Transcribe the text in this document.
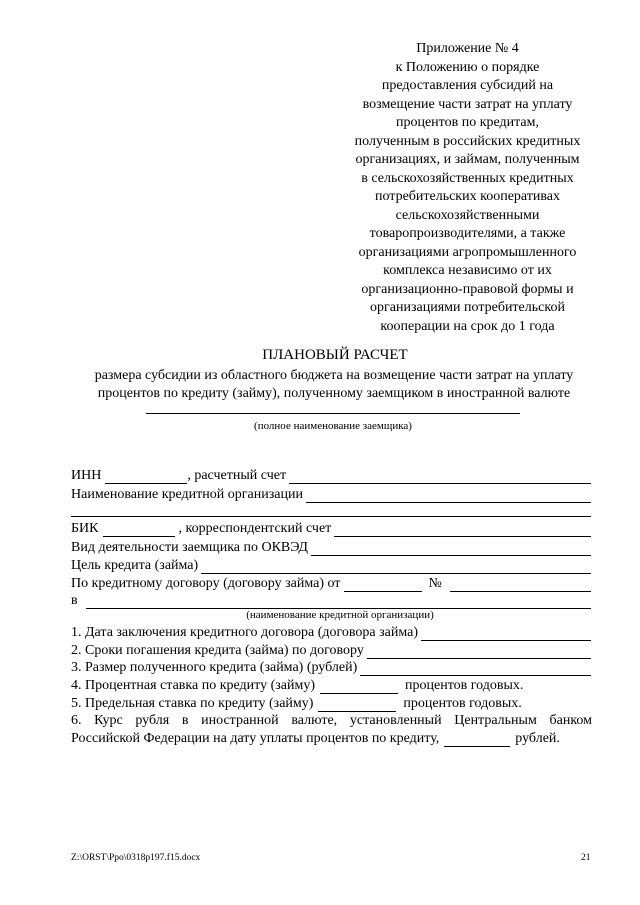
Приложение № 4
к Положению о порядке
предоставления субсидий на
возмещение части затрат на уплату
процентов по кредитам,
полученным в российских кредитных
организациях, и займам, полученным
в сельскохозяйственных кредитных
потребительских кооперативах
сельскохозяйственными
товаропроизводителями, а также
организациями агропромышленного
комплекса независимо от их
организационно-правовой формы и
организациями потребительской
кооперации на срок до 1 года
ПЛАНОВЫЙ РАСЧЕТ
размера субсидии из областного бюджета на возмещение части затрат на уплату
процентов по кредиту (займу), полученному заемщиком в иностранной валюте
(полное наименование заемщика)
ИНН	, расчетный счет
Наименование кредитной организации
БИК	, корреспондентский счет
Вид деятельности заемщика по ОКВЭД
Цель кредита (займа)
По кредитному договору (договору займа) от	№
в
(наименование кредитной организации)
1. Дата заключения кредитного договора (договора займа)
2. Сроки погашения кредита (займа) по договору
3. Размер полученного кредита (займа) (рублей)
4. Процентная ставка по кредиту (займу)	процентов годовых.
5. Предельная ставка по кредиту (займу)	процентов годовых.
6. Курс рубля в иностранной валюте, установленный Центральным банком
Российской Федерации на дату уплаты процентов по кредиту,	рублей.
Z:\ORST\Ppo\0318p197.f15.docx	21
